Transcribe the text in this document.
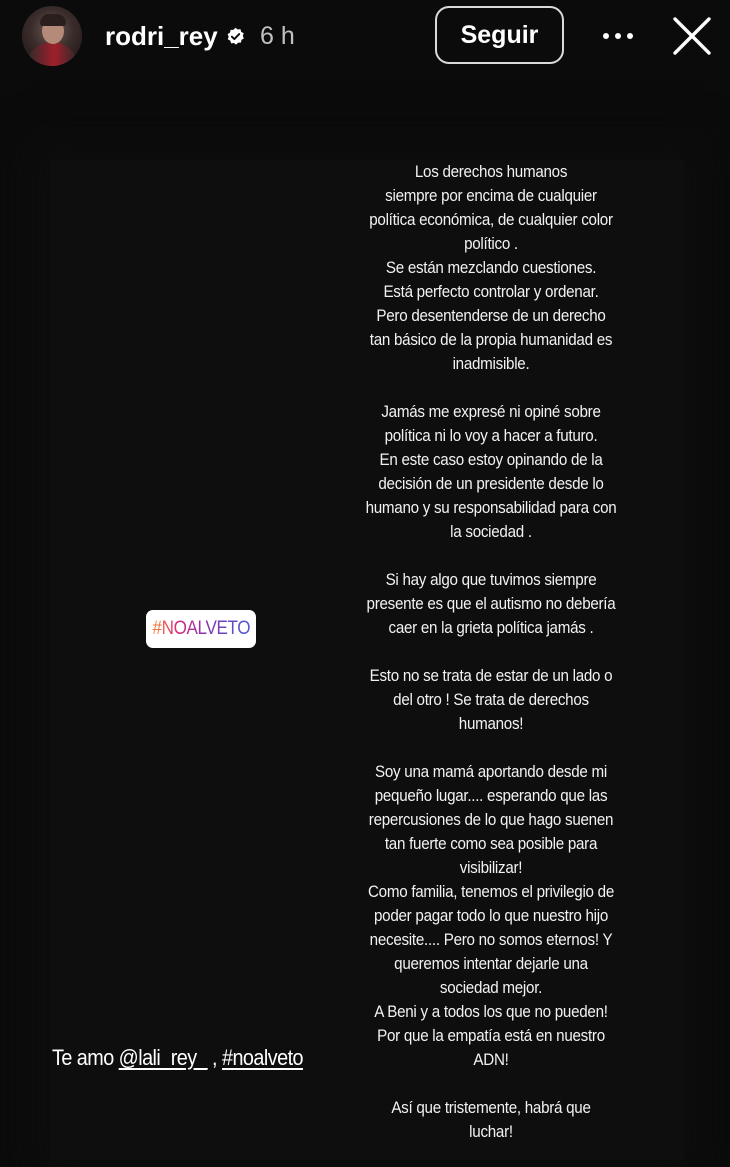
rodri_rey 6 h	Seguir

Los derechos humanos
siempre por encima de cualquier
política económica, de cualquier color
político .
Se están mezclando cuestiones.
Está perfecto controlar y ordenar.
Pero desentenderse de un derecho
tan básico de la propia humanidad es
inadmisible.

Jamás me expresé ni opiné sobre
política ni lo voy a hacer a futuro.
En este caso estoy opinando de la
decisión de un presidente desde lo
humano y su responsabilidad para con
la sociedad .

Si hay algo que tuvimos siempre
presente es que el autismo no debería
caer en la grieta política jamás .

Esto no se trata de estar de un lado o
del otro ! Se trata de derechos
humanos!

Soy una mamá aportando desde mi
pequeño lugar.... esperando que las
repercusiones de lo que hago suenen
tan fuerte como sea posible para
visibilizar!
Como familia, tenemos el privilegio de
poder pagar todo lo que nuestro hijo
necesite.... Pero no somos eternos! Y
queremos intentar dejarle una
sociedad mejor.
A Beni y a todos los que no pueden!
Por que la empatía está en nuestro
ADN!

Así que tristemente, habrá que
luchar!

#NOALVETO
Te amo @lali_rey_ , #noalveto
